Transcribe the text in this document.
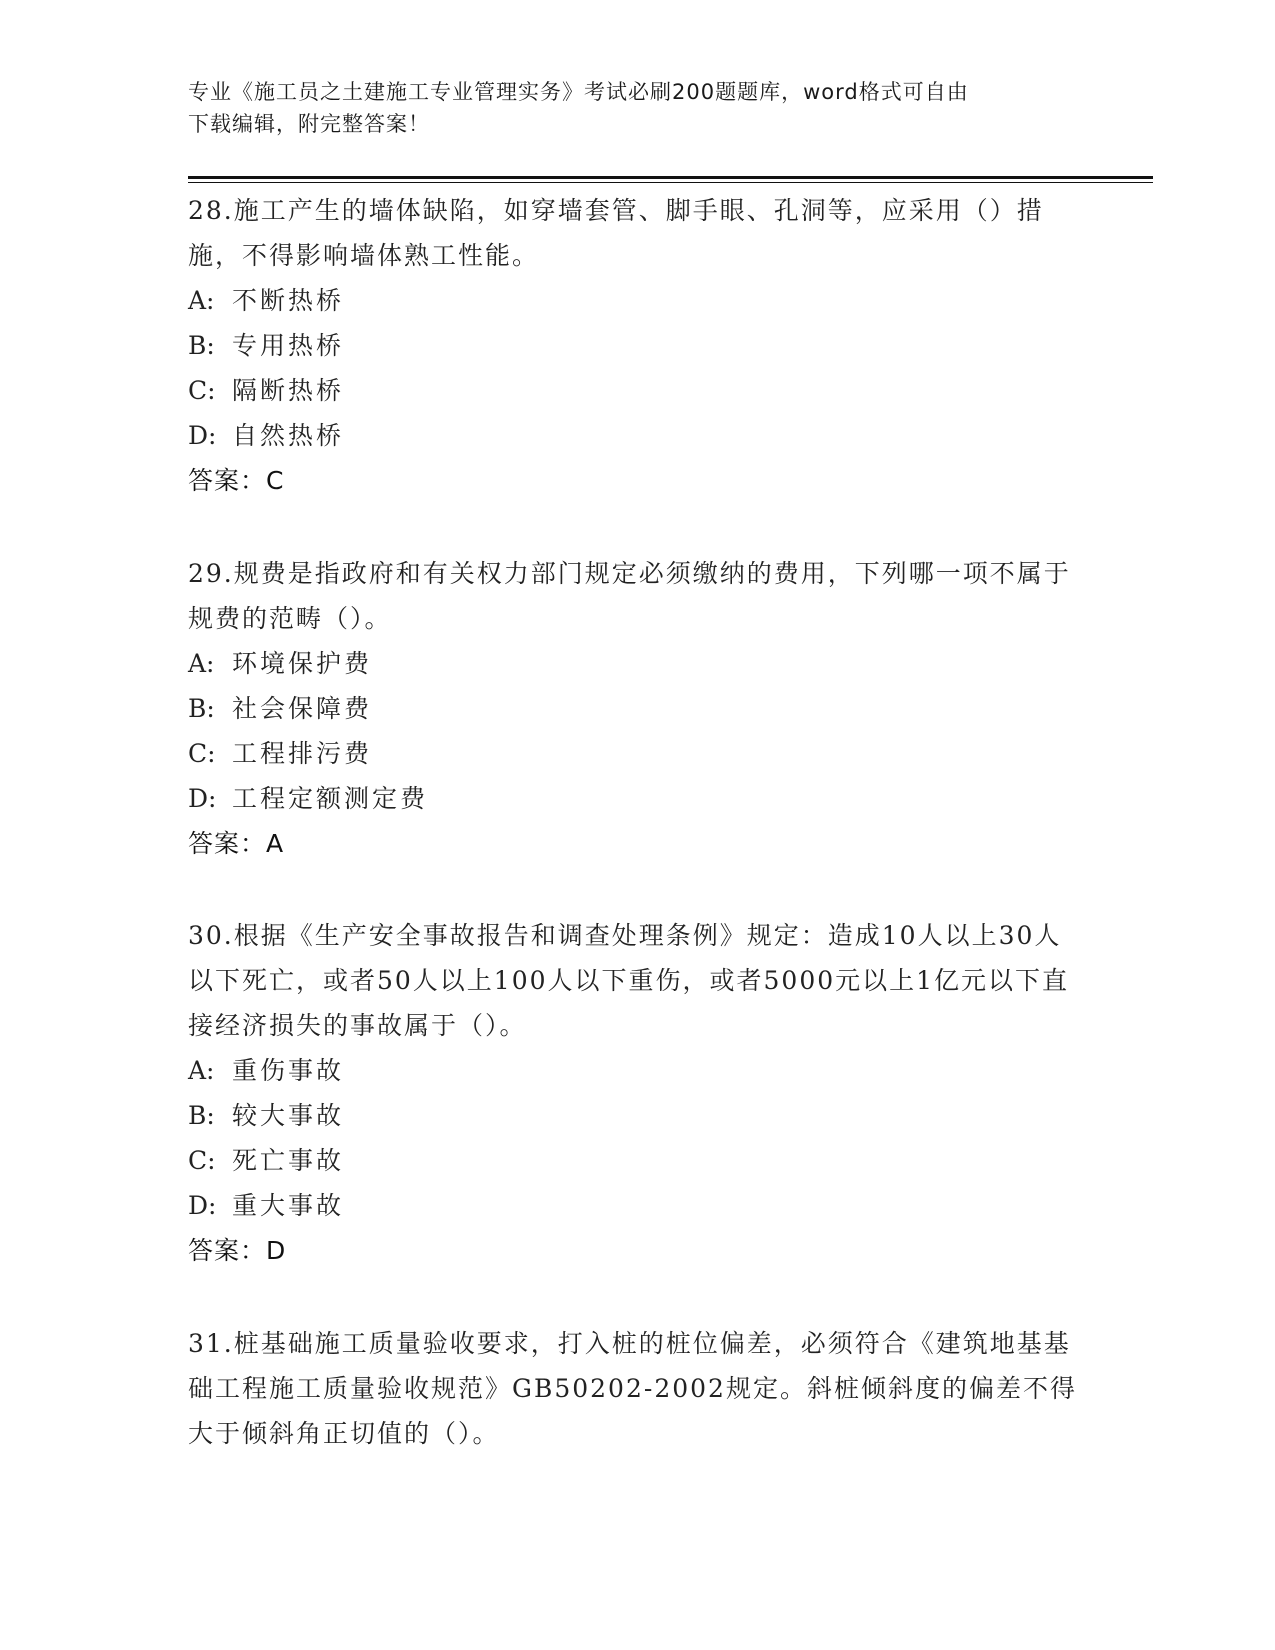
专业《施工员之土建施工专业管理实务》考试必刷200题题库，word格式可自由
下载编辑，附完整答案！

28.施工产生的墙体缺陷，如穿墙套管、脚手眼、孔洞等，应采用（）措施，不得影响墙体熟工性能。

A: 不断热桥
B: 专用热桥
C: 隔断热桥
D: 自然热桥
答案：C

29.规费是指政府和有关权力部门规定必须缴纳的费用，下列哪一项不属于规费的范畴（）。

A: 环境保护费
B: 社会保障费
C: 工程排污费
D: 工程定额测定费
答案：A

30.根据《生产安全事故报告和调查处理条例》规定：造成10人以上30人以下死亡，或者50人以上100人以下重伤，或者5000元以上1亿元以下直接经济损失的事故属于（）。

A: 重伤事故
B: 较大事故
C: 死亡事故
D: 重大事故
答案：D

31.桩基础施工质量验收要求，打入桩的桩位偏差，必须符合《建筑地基基础工程施工质量验收规范》GB50202-2002规定。斜桩倾斜度的偏差不得大于倾斜角正切值的（）。
